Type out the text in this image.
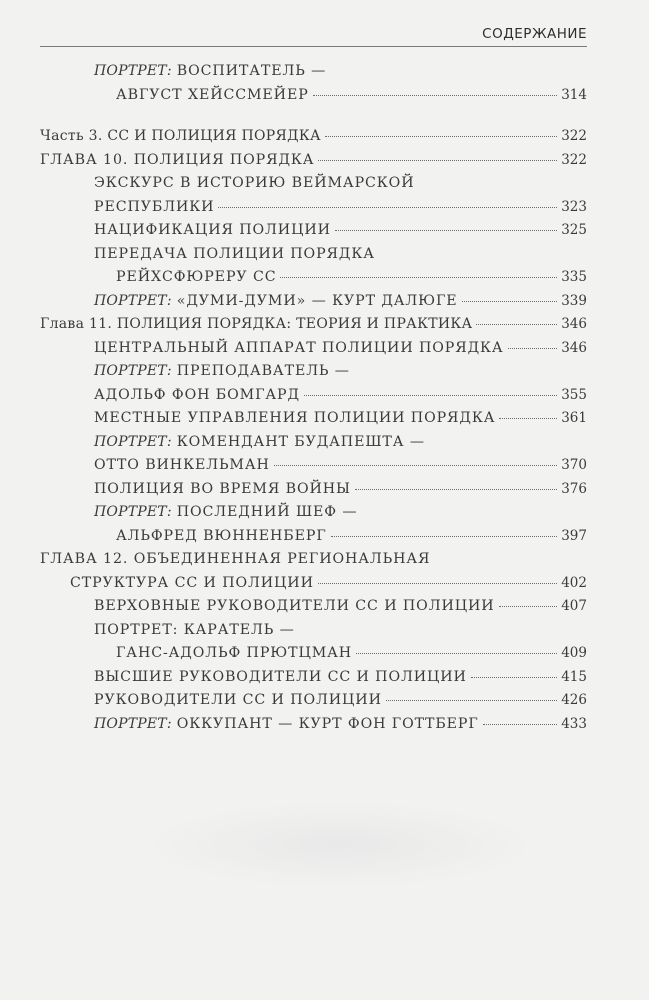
СОДЕРЖАНИЕ
ПОРТРЕТ: ВОСПИТАТЕЛЬ —
АВГУСТ ХЕЙССМЕЙЕР	314
Часть 3. СС И ПОЛИЦИЯ ПОРЯДКА	322
ГЛАВА 10. ПОЛИЦИЯ ПОРЯДКА	322
ЭКСКУРС В ИСТОРИЮ ВЕЙМАРСКОЙ
РЕСПУБЛИКИ	323
НАЦИФИКАЦИЯ ПОЛИЦИИ	325
ПЕРЕДАЧА ПОЛИЦИИ ПОРЯДКА
РЕЙХСФЮРЕРУ СС	335
ПОРТРЕТ: «ДУМИ-ДУМИ» — КУРТ ДАЛЮГЕ	339
Глава 11. ПОЛИЦИЯ ПОРЯДКА: ТЕОРИЯ И ПРАКТИКА	346
ЦЕНТРАЛЬНЫЙ АППАРАТ ПОЛИЦИИ ПОРЯДКА	346
ПОРТРЕТ: ПРЕПОДАВАТЕЛЬ —
АДОЛЬФ ФОН БОМГАРД	355
МЕСТНЫЕ УПРАВЛЕНИЯ ПОЛИЦИИ ПОРЯДКА	361
ПОРТРЕТ: КОМЕНДАНТ БУДАПЕШТА —
ОТТО ВИНКЕЛЬМАН	370
ПОЛИЦИЯ ВО ВРЕМЯ ВОЙНЫ	376
ПОРТРЕТ: ПОСЛЕДНИЙ ШЕФ —
АЛЬФРЕД ВЮННЕНБЕРГ	397
ГЛАВА 12. ОБЪЕДИНЕННАЯ РЕГИОНАЛЬНАЯ
СТРУКТУРА СС И ПОЛИЦИИ	402
ВЕРХОВНЫЕ РУКОВОДИТЕЛИ СС И ПОЛИЦИИ	407
ПОРТРЕТ: КАРАТЕЛЬ —
ГАНС-АДОЛЬФ ПРЮТЦМАН	409
ВЫСШИЕ РУКОВОДИТЕЛИ СС И ПОЛИЦИИ	415
РУКОВОДИТЕЛИ СС И ПОЛИЦИИ	426
ПОРТРЕТ: ОККУПАНТ — КУРТ ФОН ГОТТБЕРГ	433
